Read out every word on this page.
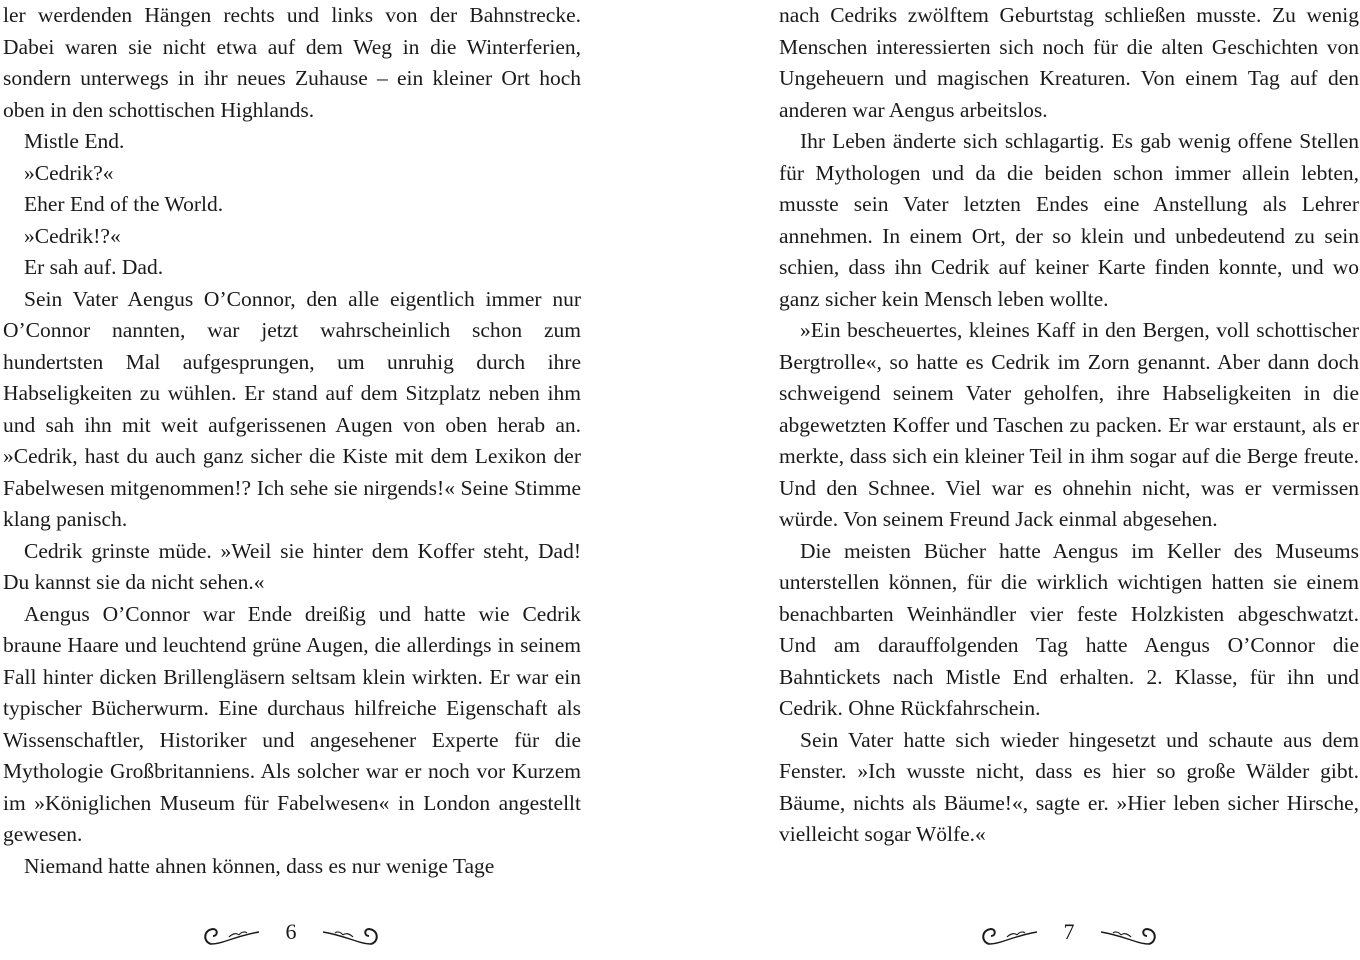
ler werdenden Hängen rechts und links von der Bahnstrecke. Dabei waren sie nicht etwa auf dem Weg in die Winterferien, sondern unterwegs in ihr neues Zuhause – ein kleiner Ort hoch oben in den schottischen Highlands.

Mistle End.

»Cedrik?«

Eher End of the World.

»Cedrik!?«

Er sah auf. Dad.

Sein Vater Aengus O’Connor, den alle eigentlich immer nur O’Connor nannten, war jetzt wahrscheinlich schon zum hundertsten Mal aufgesprungen, um unruhig durch ihre Habseligkeiten zu wühlen. Er stand auf dem Sitzplatz neben ihm und sah ihn mit weit aufgerissenen Augen von oben herab an. »Cedrik, hast du auch ganz sicher die Kiste mit dem Lexikon der Fabelwesen mitgenommen!? Ich sehe sie nirgends!« Seine Stimme klang panisch.

Cedrik grinste müde. »Weil sie hinter dem Koffer steht, Dad! Du kannst sie da nicht sehen.«

Aengus O’Connor war Ende dreißig und hatte wie Cedrik braune Haare und leuchtend grüne Augen, die allerdings in seinem Fall hinter dicken Brillengläsern seltsam klein wirkten. Er war ein typischer Bücherwurm. Eine durchaus hilfreiche Eigenschaft als Wissenschaftler, Historiker und angesehener Experte für die Mythologie Großbritanniens. Als solcher war er noch vor Kurzem im »Königlichen Museum für Fabelwesen« in London angestellt gewesen.

Niemand hatte ahnen können, dass es nur wenige Tage

6

nach Cedriks zwölftem Geburtstag schließen musste. Zu wenig Menschen interessierten sich noch für die alten Geschichten von Ungeheuern und magischen Kreaturen. Von einem Tag auf den anderen war Aengus arbeitslos.

Ihr Leben änderte sich schlagartig. Es gab wenig offene Stellen für Mythologen und da die beiden schon immer allein lebten, musste sein Vater letzten Endes eine Anstellung als Lehrer annehmen. In einem Ort, der so klein und unbedeutend zu sein schien, dass ihn Cedrik auf keiner Karte finden konnte, und wo ganz sicher kein Mensch leben wollte.

»Ein bescheuertes, kleines Kaff in den Bergen, voll schottischer Bergtrolle«, so hatte es Cedrik im Zorn genannt. Aber dann doch schweigend seinem Vater geholfen, ihre Habseligkeiten in die abgewetzten Koffer und Taschen zu packen. Er war erstaunt, als er merkte, dass sich ein kleiner Teil in ihm sogar auf die Berge freute. Und den Schnee. Viel war es ohnehin nicht, was er vermissen würde. Von seinem Freund Jack einmal abgesehen.

Die meisten Bücher hatte Aengus im Keller des Museums unterstellen können, für die wirklich wichtigen hatten sie einem benachbarten Weinhändler vier feste Holzkisten abgeschwatzt. Und am darauffolgenden Tag hatte Aengus O’Connor die Bahntickets nach Mistle End erhalten. 2. Klasse, für ihn und Cedrik. Ohne Rückfahrschein.

Sein Vater hatte sich wieder hingesetzt und schaute aus dem Fenster. »Ich wusste nicht, dass es hier so große Wälder gibt. Bäume, nichts als Bäume!«, sagte er. »Hier leben sicher Hirsche, vielleicht sogar Wölfe.«

7
